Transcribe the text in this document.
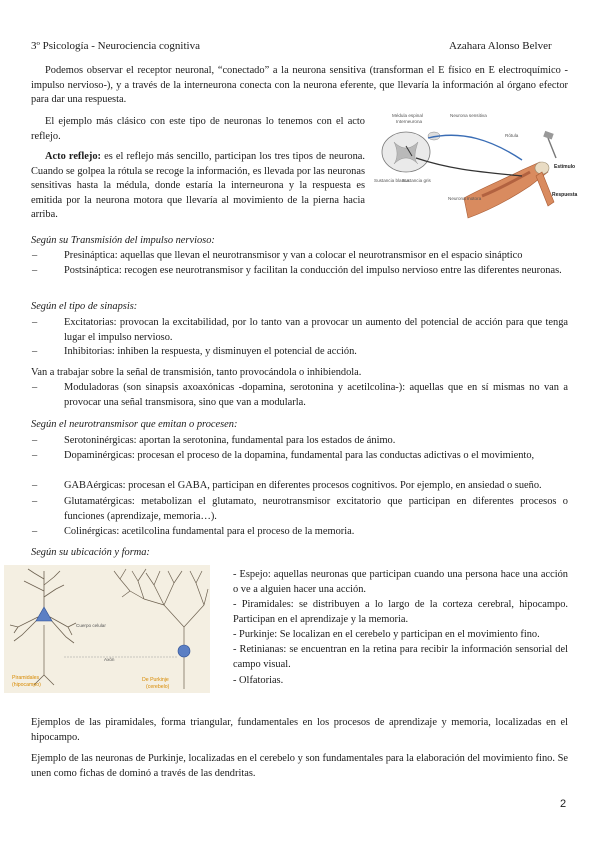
3º Psicología - Neurociencia cognitiva	Azahara Alonso Belver

Podemos observar el receptor neuronal, “conectado” a la neurona sensitiva (transforman el E físico en E electroquímico -impulso nervioso-), y a través de la interneurona conecta con la neurona eferente, que llevaría la información al órgano efector para dar una respuesta.

El ejemplo más clásico con este tipo de neuronas lo tenemos con el acto reflejo.

Acto reflejo: es el reflejo más sencillo, participan los tres tipos de neurona. Cuando se golpea la rótula se recoge la información, es llevada por las neuronas sensitivas hasta la médula, donde estaría la interneurona y la respuesta es emitida por la neurona motora que llevaría al movimiento de la pierna hacia arriba.

Médula espinal
Interneurona
Neurona sensitiva
Rótula
Sustancia blanca
Sustancia gris
Neurona motora
Estímulo
Respuesta

Según su Transmisión del impulso nervioso:

–	Presináptica: aquellas que llevan el neurotransmisor y van a colocar el neurotransmisor en el espacio sináptico

–	Postsináptica: recogen ese neurotransmisor y facilitan la conducción del impulso nervioso entre las diferentes neuronas.

Según el tipo de sinapsis:

–	Excitatorias: provocan la excitabilidad, por lo tanto van a provocar un aumento del potencial de acción para que tenga lugar el impulso nervioso.

–	Inhibitorias: inhiben la respuesta, y disminuyen el potencial de acción.

Van a trabajar sobre la señal de transmisión, tanto provocándola o inhibiendola.

–	Moduladoras (son sinapsis axoaxónicas -dopamina, serotonina y acetilcolina-): aquellas que en sí mismas no van a provocar una señal transmisora, sino que van a modularla.

Según el neurotransmisor que emitan o procesen:

–	Serotoninérgicas: aportan la serotonina, fundamental para los estados de ánimo.

–	Dopaminérgicas: procesan el proceso de la dopamina, fundamental para las conductas adictivas o el movimiento,

–	GABAérgicas: procesan el GABA, participan en diferentes procesos cognitivos. Por ejemplo, en ansiedad o sueño.

–	Glutamatérgicas: metabolizan el glutamato, neurotransmisor excitatorio que participan en diferentes procesos o funciones (aprendizaje, memoria…).

–	Colinérgicas: acetilcolina fundamental para el proceso de la memoria.

Según su ubicación y forma:

Cuerpo celular
Axón
Piramidales
(hipocampo)
De Purkinje
(cerebelo)

- Espejo: aquellas neuronas que participan cuando una persona hace una acción o ve a alguien hacer una acción.

- Piramidales: se distribuyen a lo largo de la corteza cerebral, hipocampo. Participan en el aprendizaje y la memoria.

- Purkinje: Se localizan en el cerebelo y participan en el movimiento fino.

- Retinianas: se encuentran en la retina para recibir la información sensorial del campo visual.

- Olfatorias.

Ejemplos de las piramidales, forma triangular, fundamentales en los procesos de aprendizaje y memoria, localizadas en el hipocampo.

Ejemplo de las neuronas de Purkinje, localizadas en el cerebelo y son fundamentales para la elaboración del movimiento fino. Se unen como fichas de dominó a través de las dendritas.

2
